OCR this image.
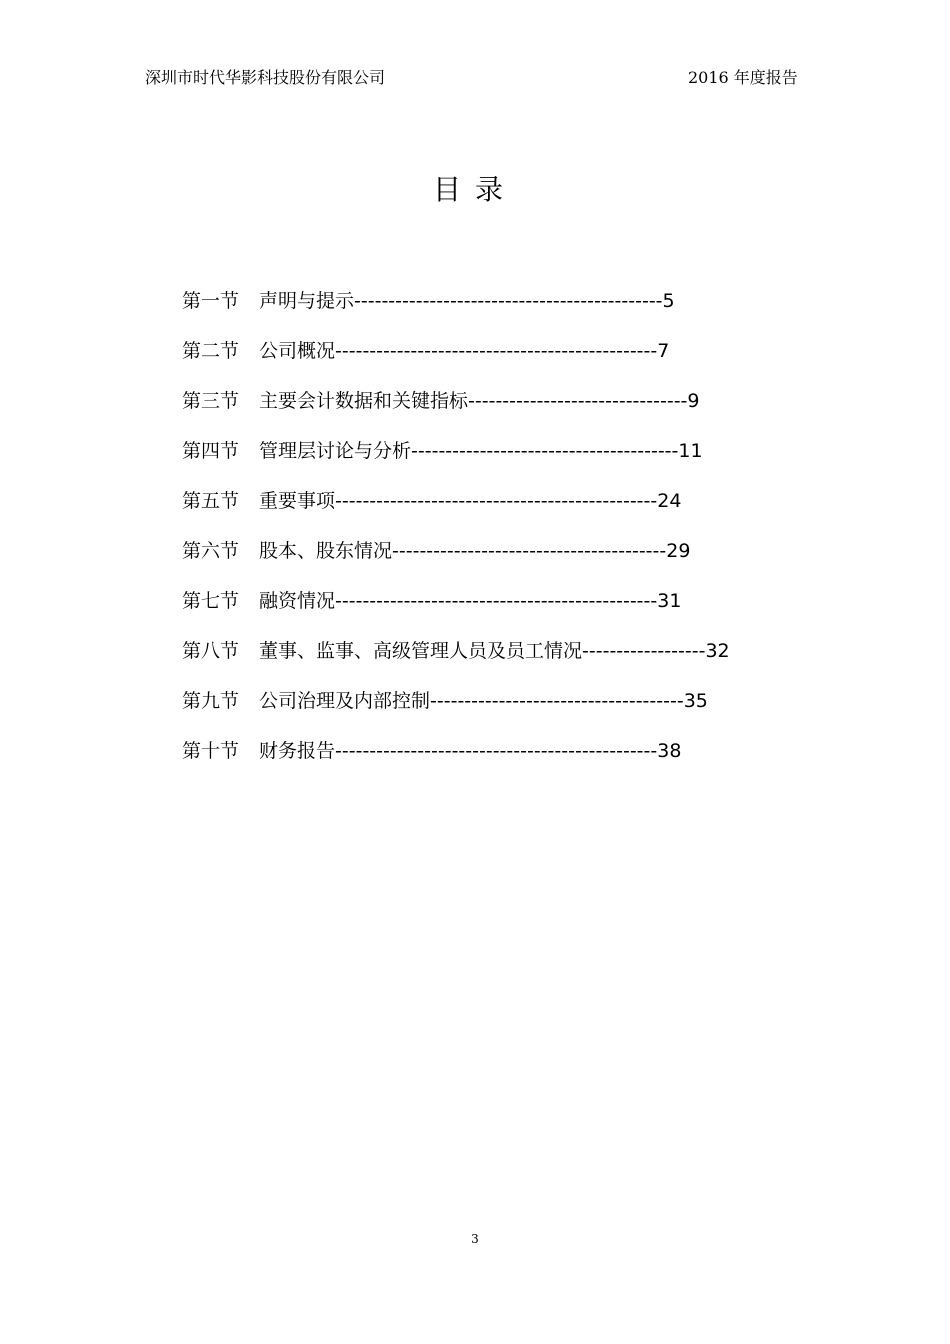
深圳市时代华影科技股份有限公司	2016 年度报告
目录
第一节	声明与提示 --------------------------------------------- 5
第二节	公司概况 ----------------------------------------------- 7
第三节	主要会计数据和关键指标 -------------------------------- 9
第四节	管理层讨论与分析 --------------------------------------- 11
第五节	重要事项 ----------------------------------------------- 24
第六节	股本、股东情况 ---------------------------------------- 29
第七节	融资情况 ----------------------------------------------- 31
第八节	董事、监事、高级管理人员及员工情况 ------------------ 32
第九节	公司治理及内部控制 ------------------------------------- 35
第十节	财务报告 ----------------------------------------------- 38
3
